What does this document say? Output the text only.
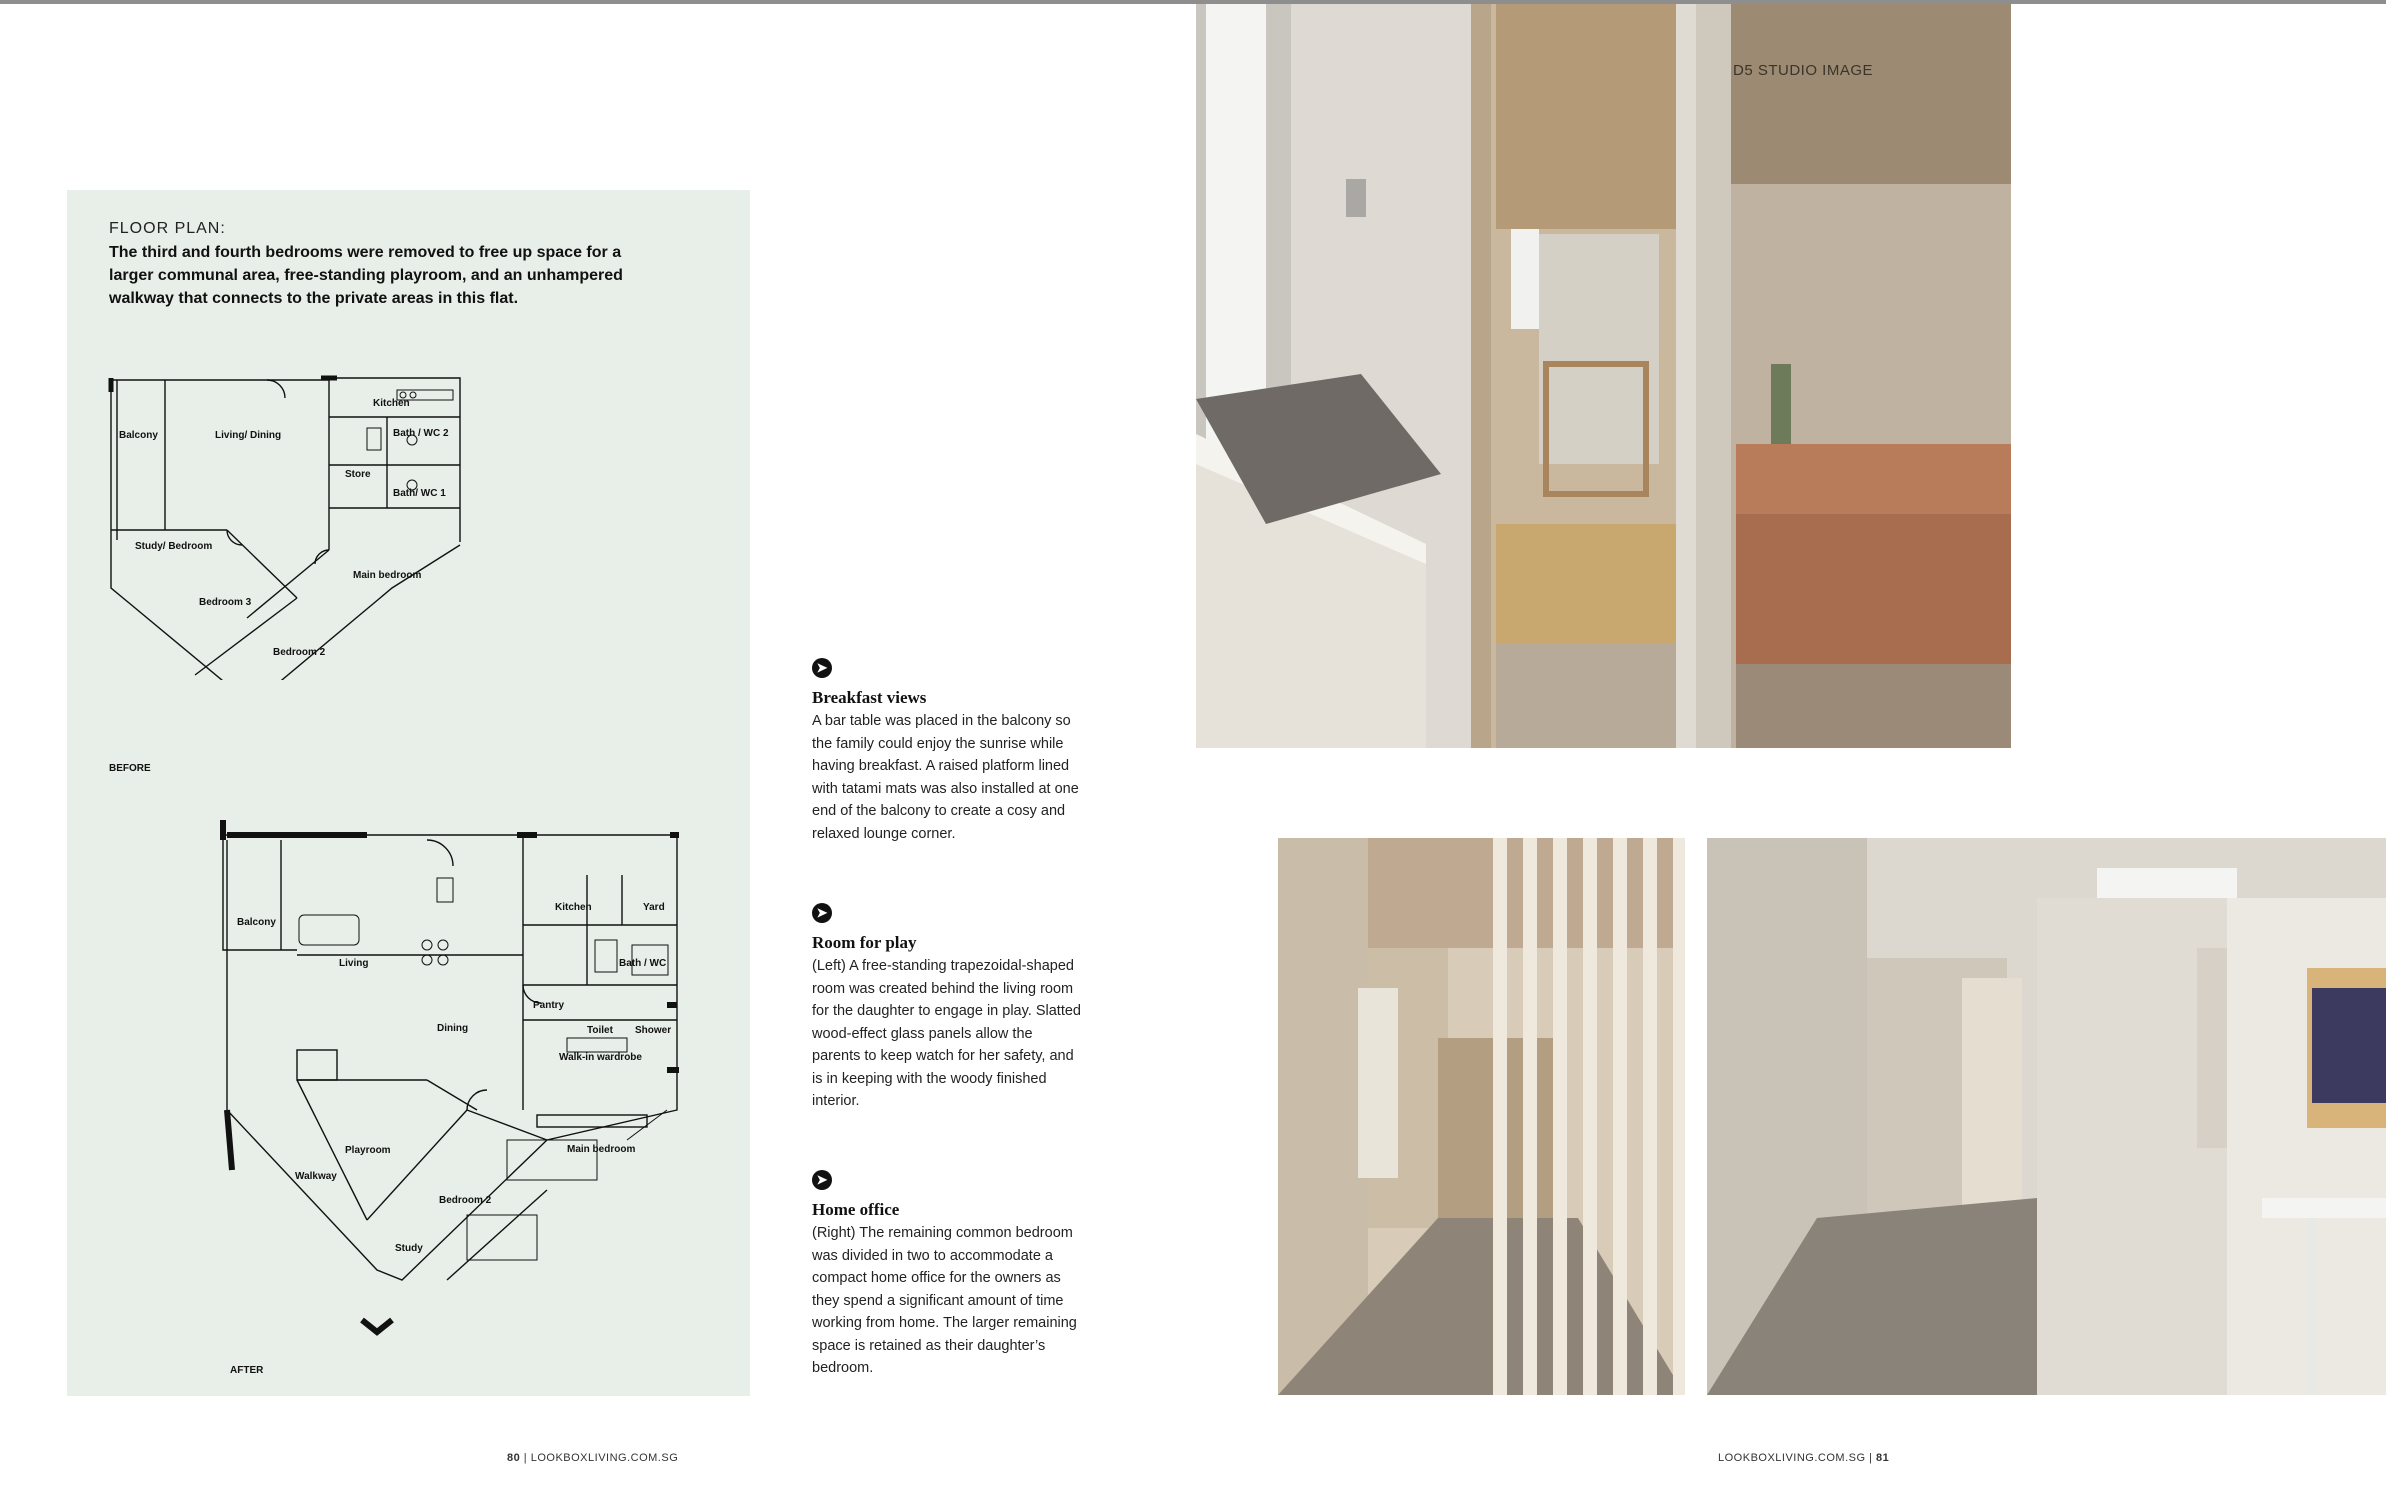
FLOOR PLAN:
The third and fourth bedrooms were removed to free up space for a larger communal area, free-standing playroom, and an unhampered walkway that connects to the private areas in this flat.
Balcony	Living/ Dining
Kitchen
Bath / WC 2
Store
Bath/ WC 1
Study/ Bedroom
Main bedroom
Bedroom 3
Bedroom 2
BEFORE
Balcony
Living
Kitchen	Yard
Bath / WC
Pantry
Dining	Toilet Shower
Walk-in wardrobe
Playroom	Main bedroom
Walkway
Bedroom 2
Study
AFTER
➤
Breakfast views

A bar table was placed in the balcony so the family could enjoy the sunrise while having breakfast. A raised platform lined with tatami mats was also installed at one end of the balcony to create a cosy and relaxed lounge corner.

➤
Room for play

(Left) A free-standing trapezoidal-shaped room was created behind the living room for the daughter to engage in play. Slatted wood-effect glass panels allow the parents to keep watch for her safety, and is in keeping with the woody finished interior.

➤
Home office

(Right) The remaining common bedroom was divided in two to accommodate a compact home office for the owners as they spend a significant amount of time working from home. The larger remaining space is retained as their daughter’s bedroom.

D5 STUDIO IMAGE
80 | LOOKBOXLIVING.COM.SG	LOOKBOXLIVING.COM.SG | 81
